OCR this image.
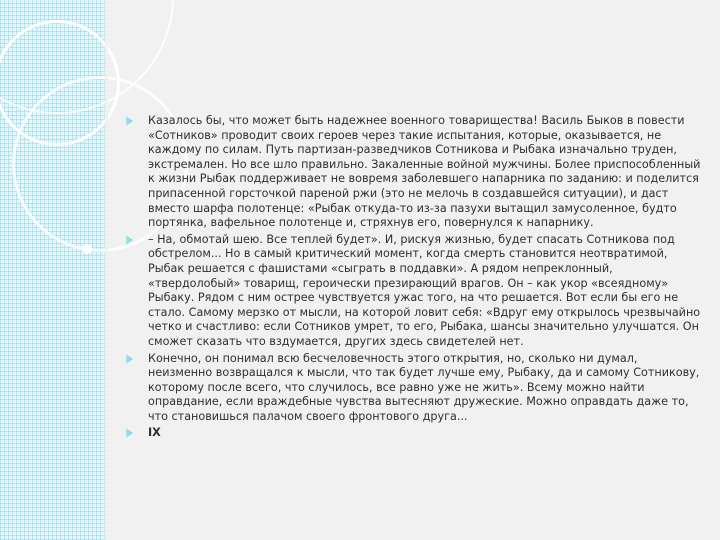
Казалось бы, что может быть надежнее военного товарищества! Василь Быков в повести «Сотников» проводит своих героев через такие испытания, которые, оказывается, не каждому по силам. Путь партизан-разведчиков Сотникова и Рыбака изначально труден, экстремален. Но все шло правильно. Закаленные войной мужчины. Более приспособленный к жизни Рыбак поддерживает не вовремя заболевшего напарника по заданию: и поделится припасенной горсточкой пареной ржи (это не мелочь в создавшейся ситуации), и даст вместо шарфа полотенце: «Рыбак откуда-то из-за пазухи вытащил замусоленное, будто портянка, вафельное полотенце и, стряхнув его, повернулся к напарнику.
– На, обмотай шею. Все теплей будет». И, рискуя жизнью, будет спасать Сотникова под обстрелом... Но в самый критический момент, когда смерть становится неотвратимой, Рыбак решается с фашистами «сыграть в поддавки». А рядом непреклонный, «твердолобый» товарищ, героически презирающий врагов. Он – как укор «всеядному» Рыбаку. Рядом с ним острее чувствуется ужас того, на что решается. Вот если бы его не стало. Самому мерзко от мысли, на которой ловит себя: «Вдруг ему открылось чрезвычайно четко и счастливо: если Сотников умрет, то его, Рыбака, шансы значительно улучшатся. Он сможет сказать что вздумается, других здесь свидетелей нет.
Конечно, он понимал всю бесчеловечность этого открытия, но, сколько ни думал, неизменно возвращался к мысли, что так будет лучше ему, Рыбаку, да и самому Сотникову, которому после всего, что случилось, все равно уже не жить». Всему можно найти оправдание, если враждебные чувства вытесняют дружеские. Можно оправдать даже то, что становишься палачом своего фронтового друга...
IX
